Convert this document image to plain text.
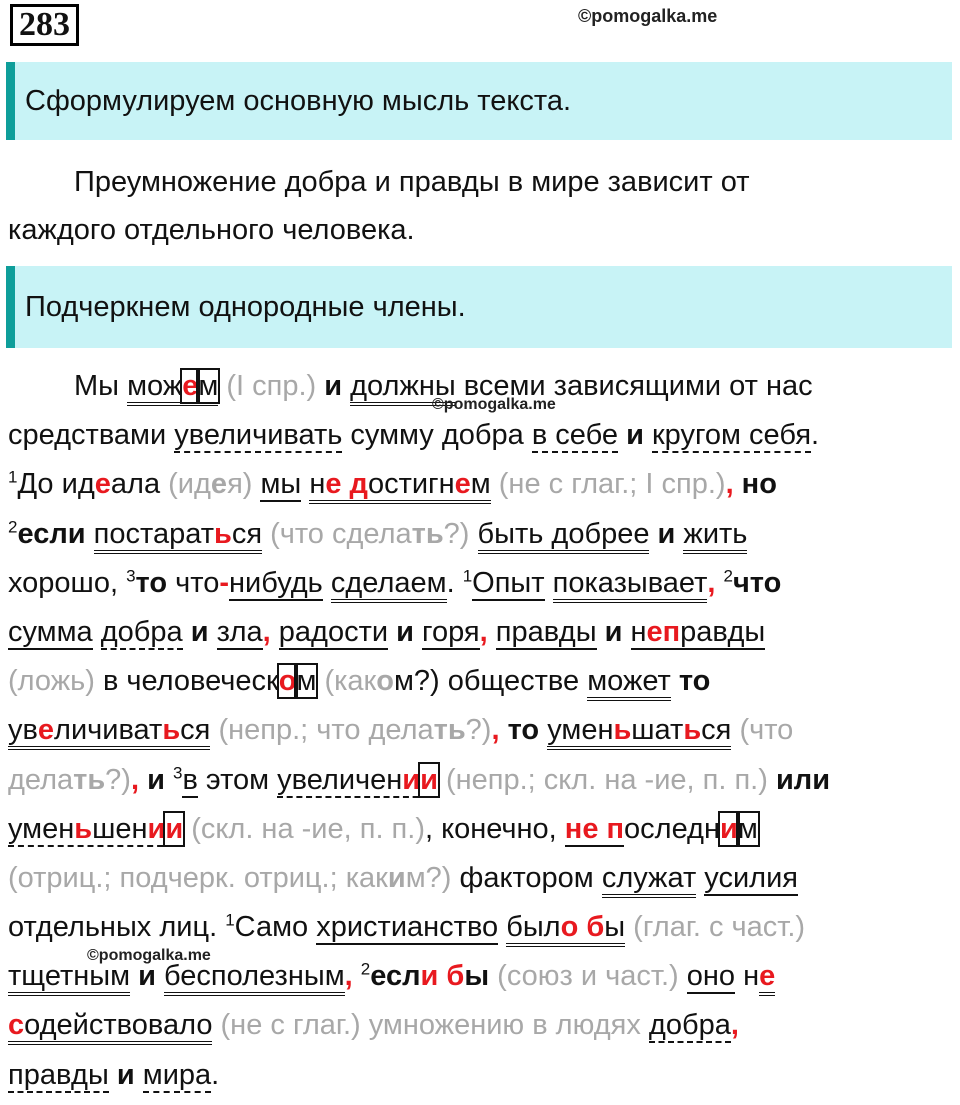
283	©pomogalka.me
Сформулируем основную мысль текста.
Преумножение добра и правды в мире зависит от
каждого отдельного человека.
Подчеркнем однородные члены.
Мы можем (I спр.) и должны всеми зависящими от нас
средствами увеличивать сумму добра в себе и кругом себя.
$^1$До идеала (идея) мы не достигнем (не с глаг.; I спр.), но
$^2$если постараться (что сделать?) быть добрее и жить
хорошо, $^3$то что-нибудь сделаем. $^1$Опыт показывает, $^2$что
сумма добра и зла, радости и горя, правды и неправды
(ложь) в человеческом (каком?) обществе может то
увеличиваться (непр.; что делать?), то уменьшаться (что
делать?), и $^3$в этом увеличении (непр.; скл. на -ие, п. п.) или
уменьшении (скл. на -ие, п. п.), конечно, не последним
(отриц.; подчерк. отриц.; каким?) фактором служат усилия
отдельных лиц. $^1$Само христианство было бы (глаг. с част.)
тщетным и бесполезным, $^2$если бы (союз и част.) оно не
содействовало (не с глаг.) умножению в людях добра,
правды и мира.
©pomogalka.me
©pomogalka.me
